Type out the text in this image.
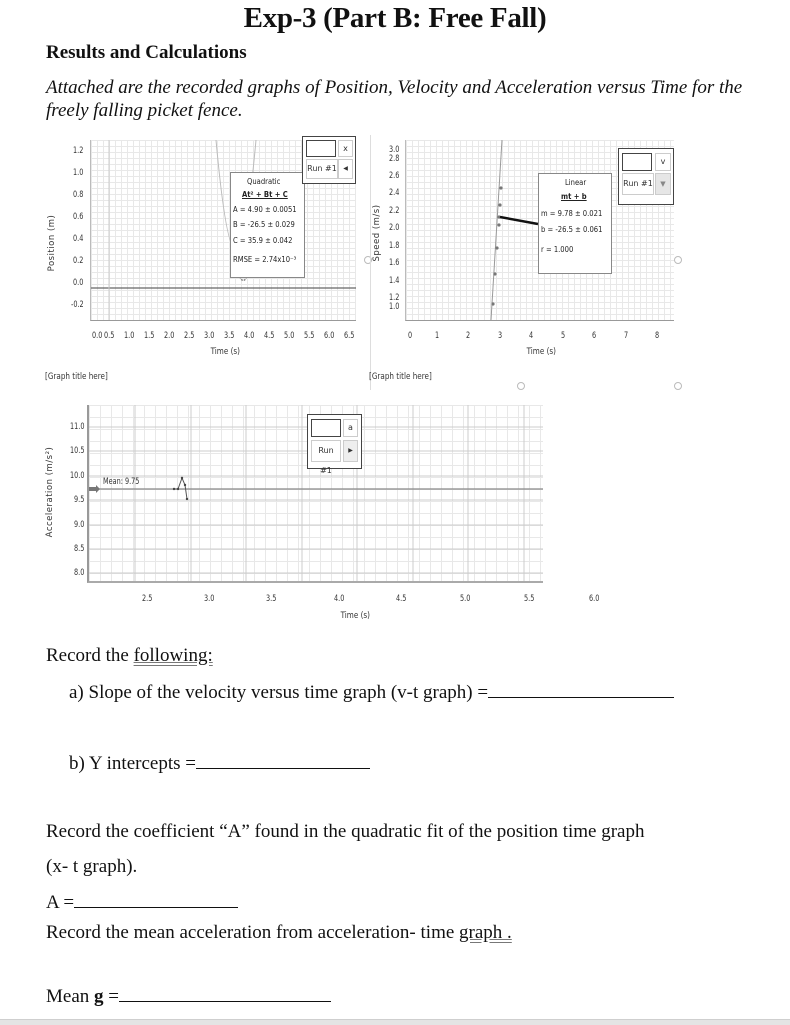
Exp-3 (Part B: Free Fall)
Results and Calculations
Attached are the recorded graphs of Position, Velocity and Acceleration versus Time for the freely falling picket fence.
Position (m)
1.2
1.0
0.8
0.6
0.4
0.2
0.0
-0.2
0.0 0.5 1.0 1.5 2.0 2.5 3.0 3.5 4.0 4.5 5.0 5.5 6.0 6.5
Time (s)
[Graph title here]
Quadratic
At² + Bt + C
A = 4.90 ± 0.0051
B = -26.5 ± 0.029
C = 35.9 ± 0.042
RMSE = 2.74x10⁻³
x
Run #1	◀
Speed (m/s)
3.0
2.8
2.6
2.4
2.2
2.0
1.8
1.6
1.4
1.2
1.0
0	1	2	3	4	5	6	7	8
Time (s)
[Graph title here]
Linear
mt + b
m = 9.78 ± 0.021
b = -26.5 ± 0.061
r = 1.000
v
Run #1	▼
Acceleration (m/s²)	Mean: 9.75
11.0
10.5
10.0
9.5
9.0
8.5
8.0
2.5	3.0	3.5	4.0	4.5	5.0	5.5	6.0
Time (s)
a
Run #1
▶
Record the following:
a) Slope of the velocity versus time graph (v-t graph) =
b) Y intercepts =
Record the coefficient “A” found in the quadratic fit of the position time graph
(x- t graph).
A =
Record the mean acceleration from acceleration- time graph .
Mean g =
